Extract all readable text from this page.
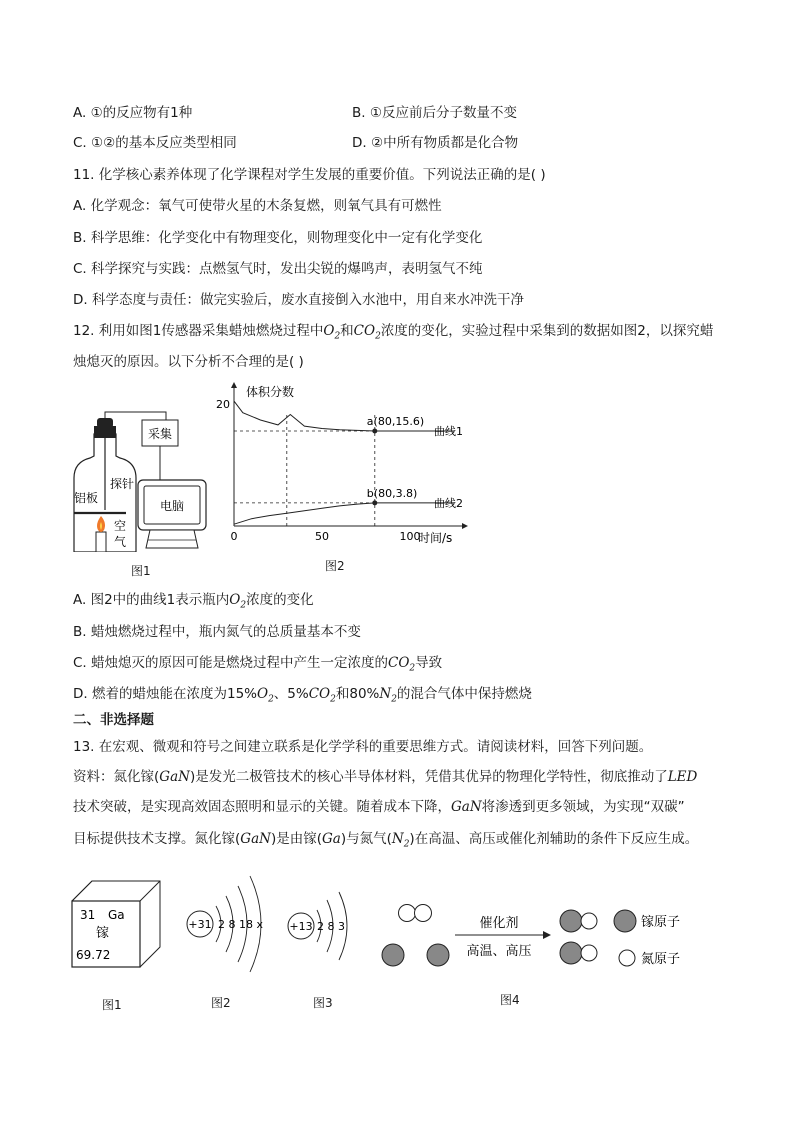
A. ①的反应物有1种	B. ①反应前后分子数量不变
C. ①②的基本反应类型相同	D. ②中所有物质都是化合物
11. 化学核心素养体现了化学课程对学生发展的重要价值。下列说法正确的是( )
A. 化学观念：氧气可使带火星的木条复燃，则氧气具有可燃性
B. 科学思维：化学变化中有物理变化，则物理变化中一定有化学变化
C. 科学探究与实践：点燃氢气时，发出尖锐的爆鸣声，表明氢气不纯
D. 科学态度与责任：做完实验后，废水直接倒入水池中，用自来水冲洗干净
12. 利用如图1传感器采集蜡烛燃烧过程中$O_2$和$CO_2$浓度的变化，实验过程中采集到的数据如图2，以探究蜡
烛熄灭的原因。以下分析不合理的是( )
采集
电脑
探针
铝板
空
气
图1
体积分数
时间/s
0	50	100
20
曲线1
曲线2
a(80,15.6)
b(80,3.8)
图2
A. 图2中的曲线1表示瓶内$O_2$浓度的变化
B. 蜡烛燃烧过程中，瓶内氮气的总质量基本不变
C. 蜡烛熄灭的原因可能是燃烧过程中产生一定浓度的$CO_2$导致
D. 燃着的蜡烛能在浓度为$15\%O_2$、$5\%CO_2$和$80\%N_2$的混合气体中保持燃烧
二、非选择题
13. 在宏观、微观和符号之间建立联系是化学学科的重要思维方式。请阅读材料，回答下列问题。
资料：氮化镓(GaN)是发光二极管技术的核心半导体材料，凭借其优异的物理化学特性，彻底推动了LED
技术突破，是实现高效固态照明和显示的关键。随着成本下降，GaN将渗透到更多领域，为实现“双碳”
目标提供技术支撑。氮化镓(GaN)是由镓(Ga)与氮气$(N_2)$在高温、高压或催化剂辅助的条件下反应生成。
31 Ga
镓
69.72
图1
+31 2 8 18 x
图2
+13 2 8 3
图3
催化剂
高温、高压
镓原子
氮原子
图4
